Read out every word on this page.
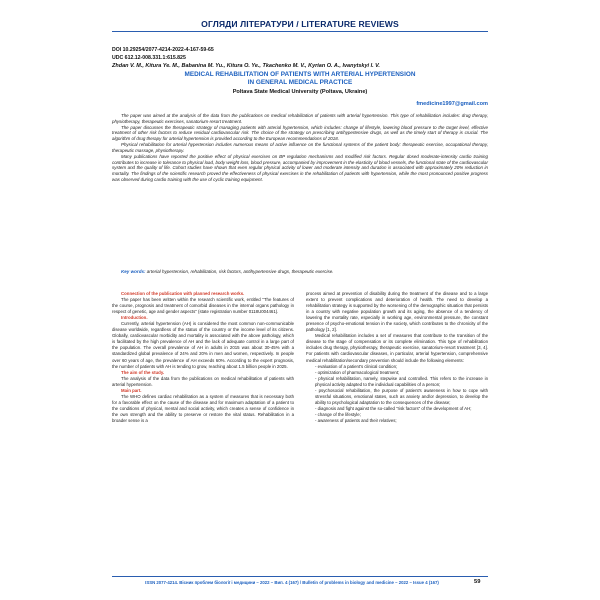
ОГЛЯДИ ЛІТЕРАТУРИ / LITERATURE REVIEWS
DOI 10.29254/2077-4214-2022-4-167-59-65
UDC 612.12-008.331.1:615.825
Zhdan V. M., Kitura Ye. M., Babanina M. Yu., Kitura O. Ye., Tkachenko M. V., Kyrian O. A., Ivanytskyi I. V.
MEDICAL REHABILITATION OF PATIENTS WITH ARTERIAL HYPERTENSION
IN GENERAL MEDICAL PRACTICE
Poltava State Medical University (Poltava, Ukraine)
fmedicine1997@gmail.com

The paper was aimed at the analysis of the data from the publications on medical rehabilitation of patients with arterial hypertension. This type of rehabilitation includes: drug therapy, physiotherapy, therapeutic exercises, sanatorium-resort treatment.

The paper discusses the therapeutic strategy of managing patients with arterial hypertension, which includes: change of lifestyle, lowering blood pressure to the target level, effective treatment of other risk factors to reduce residual cardiovascular risk. The choice of the strategy on prescribing antihypertensive drugs, as well as the timely start of therapy is crucial. The algorithm of drug therapy for arterial hypertension is provided according to the European recommendations of 2018.

Physical rehabilitation for arterial hypertension includes numerous means of active influence on the functional systems of the patient body: therapeutic exercise, occupational therapy, therapeutic massage, physiotherapy.

Many publications have reported the positive effect of physical exercises on BP regulation mechanisms and modified risk factors. Regular dosed moderate-intensity cardio training contributes to increase in tolerance to physical load, body weight loss, blood pressure, accompanied by improvement in the elasticity of blood vessels, the functional state of the cardiovascular system and the quality of life. Cohort studies have shown that even regular physical activity of lower and moderate intensity and duration is associated with approximately 20% reduction in mortality. The findings of the scientific research proved the effectiveness of physical exercises in the rehabilitation of patients with hypertension, while the most pronounced positive progress was observed during cardio training with the use of cyclic training equipment.

Key words: arterial hypertension, rehabilitation, risk factors, antihypertensive drugs, therapeutic exercise.

Connection of the publication with planned research works.

The paper has been written within the research scientific work, entitled "The features of the course, prognosis and treatment of comorbid diseases in the internal organs pathology in respect of genetic, age and gender aspects" (state registration number 0118U004461).

Introduction.

Currently, arterial hypertension (AH) is considered the most common non-communicable disease worldwide, regardless of the status of the country or the income level of its citizens. Globally, cardiovascular morbidity and mortality is associated with the above pathology, which is facilitated by the high prevalence of AH and the lack of adequate control in a large part of the population. The overall prevalence of AH in adults in 2015 was about 30-45% with a standardized global prevalence of 24% and 20% in men and women, respectively. In people over 60 years of age, the prevalence of AH exceeds 60%. According to the expert prognosis, the number of patients with AH is tending to grow, reaching about 1.5 billion people in 2025.

The aim of the study.

The analysis of the data from the publications on medical rehabilitation of patients with arterial hypertension.

Main part.

The WHO defines cardiac rehabilitation as a system of measures that is necessary both for a favorable effect on the cause of the disease and for maximum adaptation of a patient to the conditions of physical, mental and social activity, which creates a sense of confidence in the own strength and the ability to preserve or restore the vital status. Rehabilitation in a broader sense is a

process aimed at prevention of disability during the treatment of the disease and to a large extent to prevent complications and deterioration of health. The need to develop a rehabilitation strategy is supported by the worsening of the demographic situation that persists in a country with negative population growth and its aging, the absence of a tendency of lowering the mortality rate, especially in working age, environmental pressure, the constant presence of psycho-emotional tension in the society, which contributes to the chronicity of the pathology [1, 2].

Medical rehabilitation includes a set of measures that contribute to the transition of the disease to the stage of compensation or its complete elimination. This type of rehabilitation includes drug therapy, physiotherapy, therapeutic exercise, sanatorium-resort treatment [3, 4]. For patients with cardiovascular diseases, in particular, arterial hypertension, comprehensive medical rehabilitation/secondary prevention should include the following elements:

- evaluation of a patient's clinical condition;

- optimization of pharmacological treatment;

- physical rehabilitation, namely, stepwise and controlled. This refers to the increase in physical activity adapted to the individual capabilities of a person;

- psychosocial rehabilitation, the purpose of patient's awareness in how to cope with stressful situations, emotional states, such as anxiety and/or depression, to develop the ability to psychological adaptation to the consequences of the disease;

- diagnosis and fight against the so-called "risk factors" of the development of AH;

- change of the lifestyle;

- awareness of patients and their relatives;

ISSN 2077-4214. Вісник проблем біології і медицини – 2022 – Вип. 4 (167) / Bulletin of problems in biology and medicine – 2022 – Issue 4 (167)	59
